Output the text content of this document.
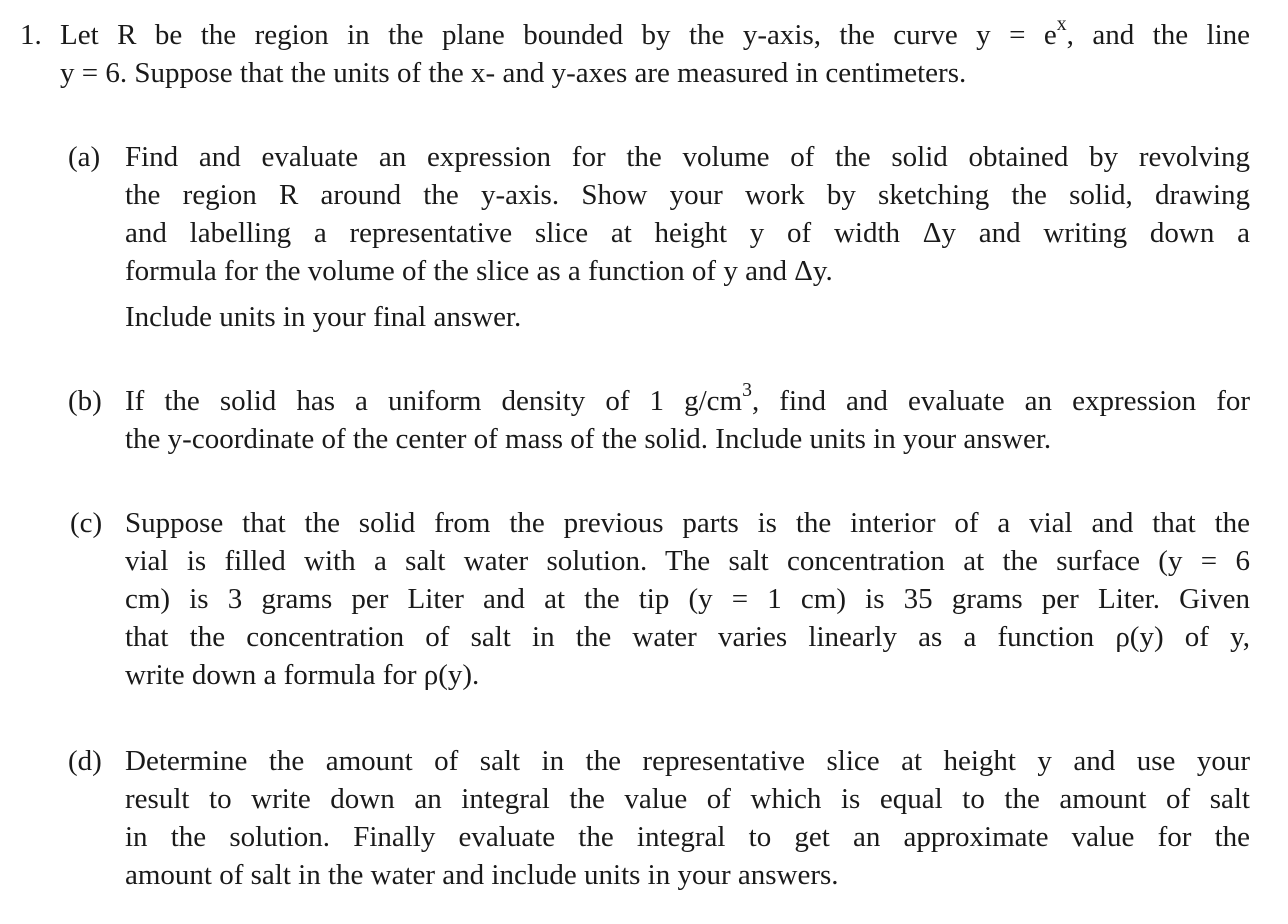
1. Let R be the region in the plane bounded by the y-axis, the curve $y = e^x$, and the line
y = 6. Suppose that the units of the x- and y-axes are measured in centimeters.
(a) Find and evaluate an expression for the volume of the solid obtained by revolving
the region R around the y-axis. Show your work by sketching the solid, drawing
and labelling a representative slice at height y of width Δy and writing down a
formula for the volume of the slice as a function of y and Δy.
Include units in your final answer.
(b) If the solid has a uniform density of 1 $g/cm^3$, find and evaluate an expression for
the y-coordinate of the center of mass of the solid. Include units in your answer.
(c) Suppose that the solid from the previous parts is the interior of a vial and that the
vial is filled with a salt water solution. The salt concentration at the surface (y = 6
cm) is 3 grams per Liter and at the tip (y = 1 cm) is 35 grams per Liter. Given
that the concentration of salt in the water varies linearly as a function ρ(y) of y,
write down a formula for ρ(y).
(d) Determine the amount of salt in the representative slice at height y and use your
result to write down an integral the value of which is equal to the amount of salt
in the solution. Finally evaluate the integral to get an approximate value for the
amount of salt in the water and include units in your answers.
